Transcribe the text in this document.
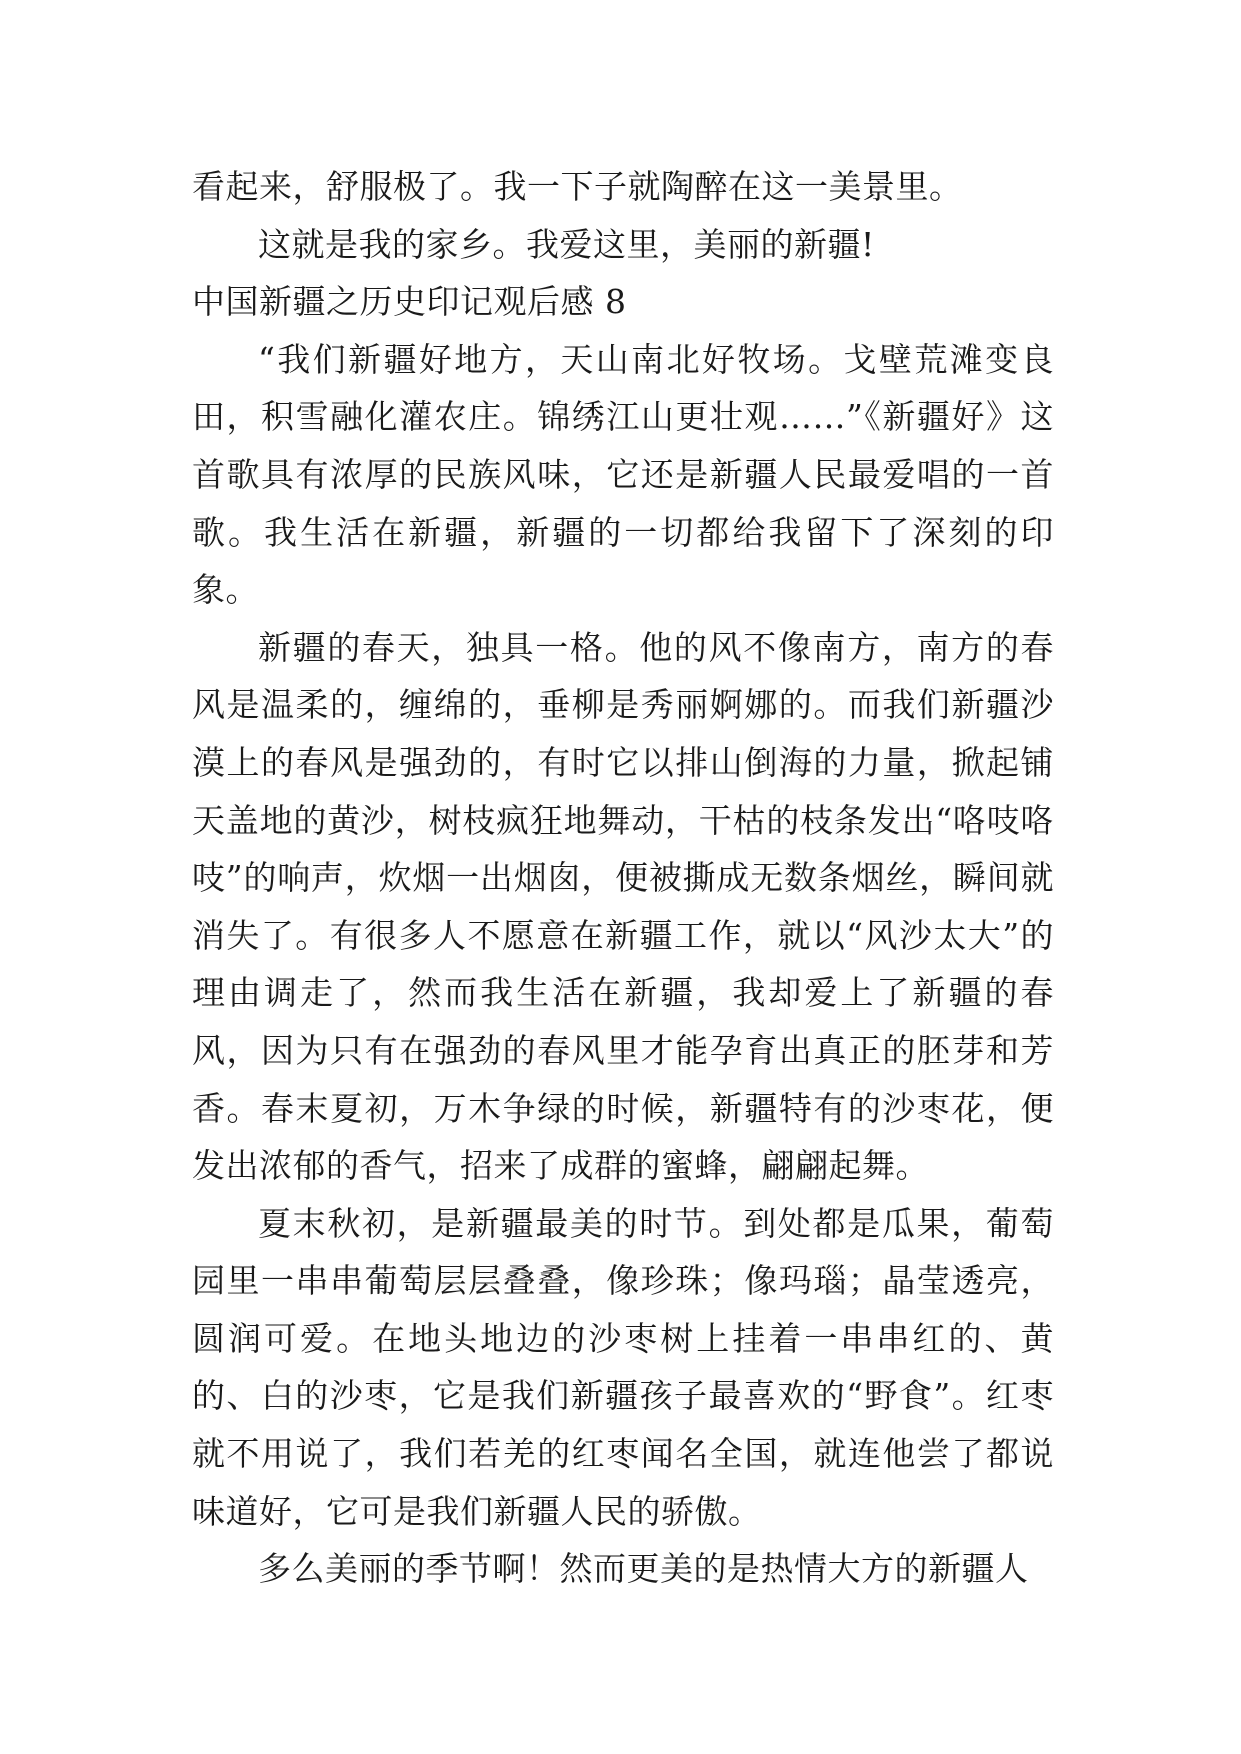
看起来，舒服极了。我一下子就陶醉在这一美景里。

这就是我的家乡。我爱这里，美丽的新疆!

中国新疆之历史印记观后感 8

“我们新疆好地方，天山南北好牧场。戈壁荒滩变良田，积雪融化灌农庄。锦绣江山更壮观……”《新疆好》这首歌具有浓厚的民族风味，它还是新疆人民最爱唱的一首歌。我生活在新疆，新疆的一切都给我留下了深刻的印象。

新疆的春天，独具一格。他的风不像南方，南方的春风是温柔的，缠绵的，垂柳是秀丽婀娜的。而我们新疆沙漠上的春风是强劲的，有时它以排山倒海的力量，掀起铺天盖地的黄沙，树枝疯狂地舞动，干枯的枝条发出“咯吱咯吱”的响声，炊烟一出烟囱，便被撕成无数条烟丝，瞬间就消失了。有很多人不愿意在新疆工作，就以“风沙太大”的理由调走了，然而我生活在新疆，我却爱上了新疆的春风，因为只有在强劲的春风里才能孕育出真正的胚芽和芳香。春末夏初，万木争绿的时候，新疆特有的沙枣花，便发出浓郁的香气，招来了成群的蜜蜂，翩翩起舞。

夏末秋初，是新疆最美的时节。到处都是瓜果，葡萄园里一串串葡萄层层叠叠，像珍珠；像玛瑙；晶莹透亮，圆润可爱。在地头地边的沙枣树上挂着一串串红的、黄的、白的沙枣，它是我们新疆孩子最喜欢的“野食”。红枣就不用说了，我们若羌的红枣闻名全国，就连他尝了都说味道好，它可是我们新疆人民的骄傲。

多么美丽的季节啊！然而更美的是热情大方的新疆人
